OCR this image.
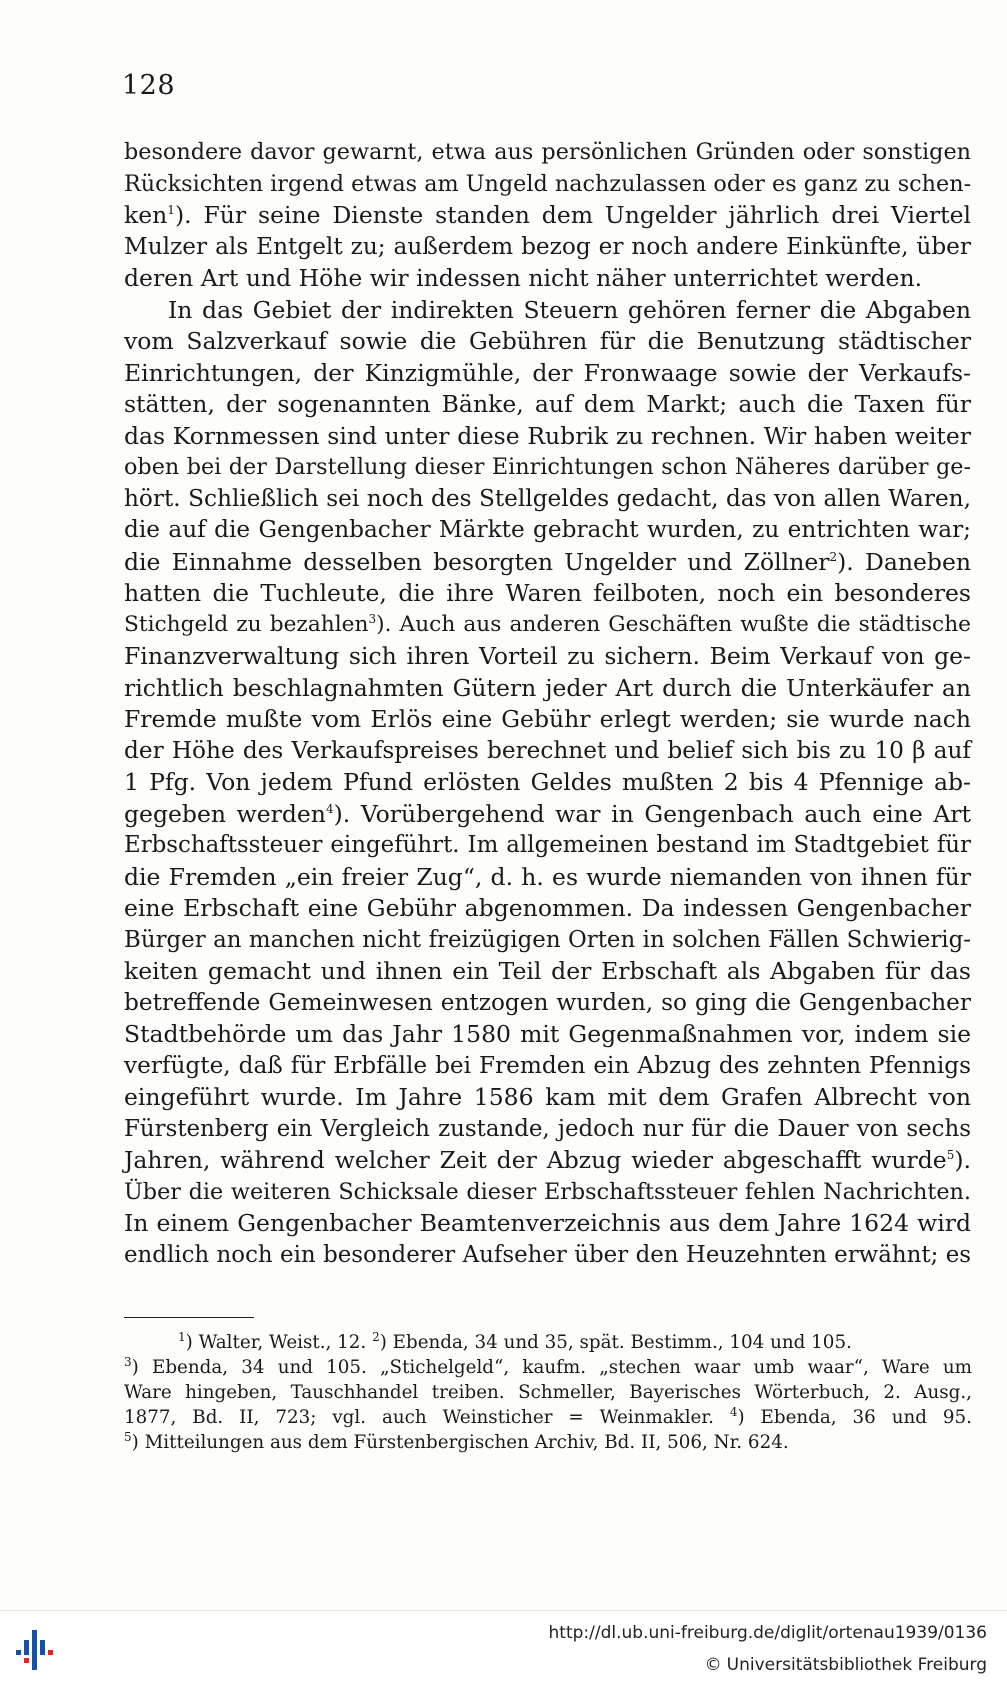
128
besondere davor gewarnt, etwa aus persönlichen Gründen oder sonstigen
Rücksichten irgend etwas am Ungeld nachzulassen oder es ganz zu schen-
ken$^1$). Für seine Dienste standen dem Ungelder jährlich drei Viertel
Mulzer als Entgelt zu; außerdem bezog er noch andere Einkünfte, über
deren Art und Höhe wir indessen nicht näher unterrichtet werden.
In das Gebiet der indirekten Steuern gehören ferner die Abgaben
vom Salzverkauf sowie die Gebühren für die Benutzung städtischer
Einrichtungen, der Kinzigmühle, der Fronwaage sowie der Verkaufs-
stätten, der sogenannten Bänke, auf dem Markt; auch die Taxen für
das Kornmessen sind unter diese Rubrik zu rechnen. Wir haben weiter
oben bei der Darstellung dieser Einrichtungen schon Näheres darüber ge-
hört. Schließlich sei noch des Stellgeldes gedacht, das von allen Waren,
die auf die Gengenbacher Märkte gebracht wurden, zu entrichten war;
die Einnahme desselben besorgten Ungelder und Zöllner$^2$). Daneben
hatten die Tuchleute, die ihre Waren feilboten, noch ein besonderes
Stichgeld zu bezahlen$^3$). Auch aus anderen Geschäften wußte die städtische
Finanzverwaltung sich ihren Vorteil zu sichern. Beim Verkauf von ge-
richtlich beschlagnahmten Gütern jeder Art durch die Unterkäufer an
Fremde mußte vom Erlös eine Gebühr erlegt werden; sie wurde nach
der Höhe des Verkaufspreises berechnet und belief sich bis zu 10 β auf
1 Pfg. Von jedem Pfund erlösten Geldes mußten 2 bis 4 Pfennige ab-
gegeben werden$^4$). Vorübergehend war in Gengenbach auch eine Art
Erbschaftssteuer eingeführt. Im allgemeinen bestand im Stadtgebiet für
die Fremden „ein freier Zug“, d. h. es wurde niemanden von ihnen für
eine Erbschaft eine Gebühr abgenommen. Da indessen Gengenbacher
Bürger an manchen nicht freizügigen Orten in solchen Fällen Schwierig-
keiten gemacht und ihnen ein Teil der Erbschaft als Abgaben für das
betreffende Gemeinwesen entzogen wurden, so ging die Gengenbacher
Stadtbehörde um das Jahr 1580 mit Gegenmaßnahmen vor, indem sie
verfügte, daß für Erbfälle bei Fremden ein Abzug des zehnten Pfennigs
eingeführt wurde. Im Jahre 1586 kam mit dem Grafen Albrecht von
Fürstenberg ein Vergleich zustande, jedoch nur für die Dauer von sechs
Jahren, während welcher Zeit der Abzug wieder abgeschafft wurde$^5$).
Über die weiteren Schicksale dieser Erbschaftssteuer fehlen Nachrichten.
In einem Gengenbacher Beamtenverzeichnis aus dem Jahre 1624 wird
endlich noch ein besonderer Aufseher über den Heuzehnten erwähnt; es
$^1$) Walter, Weist., 12. $^2$) Ebenda, 34 und 35, spät. Bestimm., 104 und 105.
$^3$) Ebenda, 34 und 105. „Stichelgeld“, kaufm. „stechen waar umb waar“, Ware um
Ware hingeben, Tauschhandel treiben. Schmeller, Bayerisches Wörterbuch, 2. Ausg.,
1877, Bd. II, 723; vgl. auch Weinsticher = Weinmakler. $^4$) Ebenda, 36 und 95.
$^5$) Mitteilungen aus dem Fürstenbergischen Archiv, Bd. II, 506, Nr. 624.
http://dl.ub.uni-freiburg.de/diglit/ortenau1939/0136
© Universitätsbibliothek Freiburg
